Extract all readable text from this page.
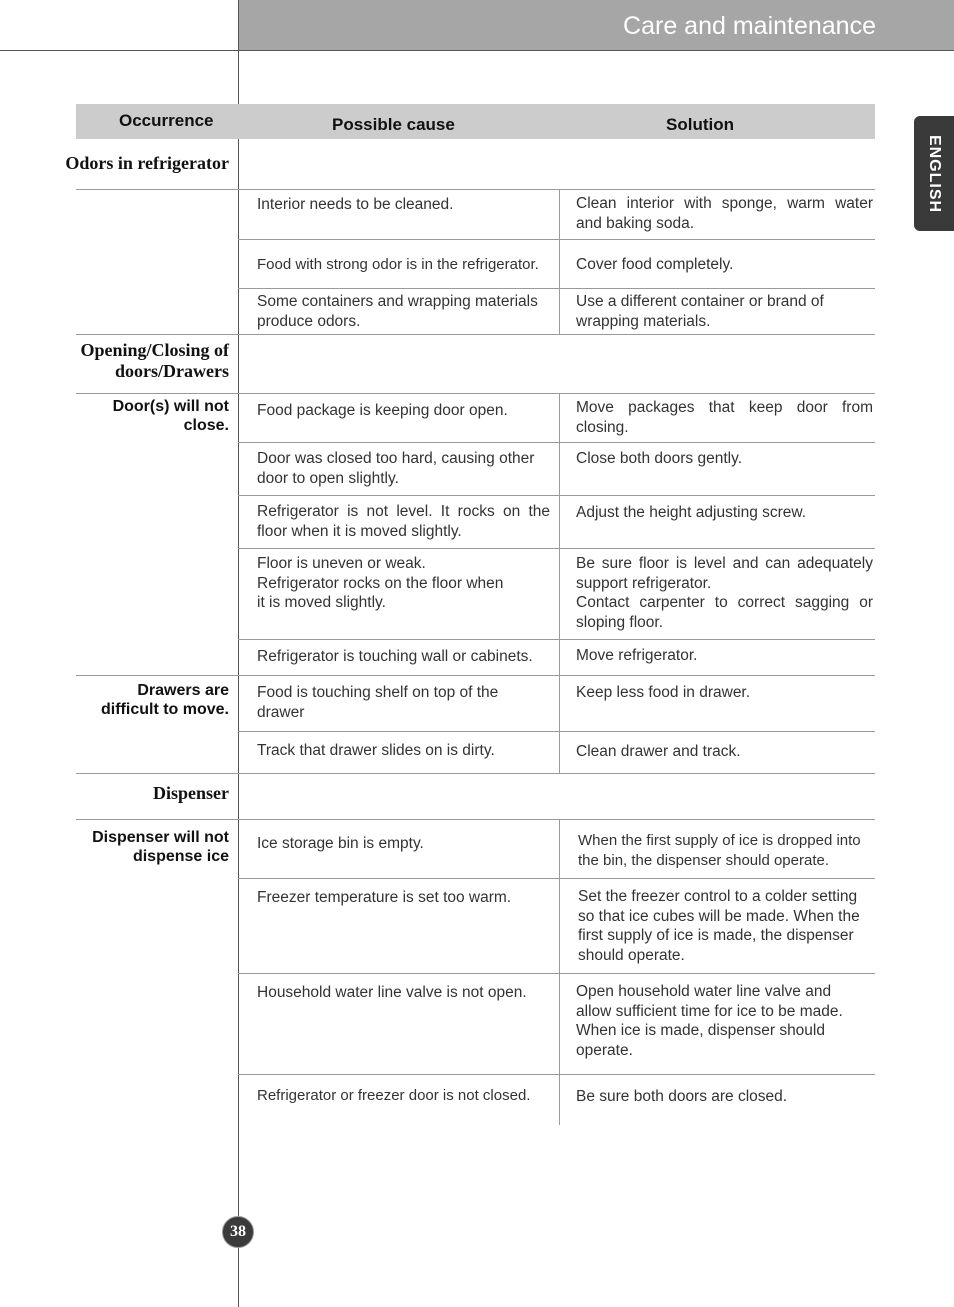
Care and maintenance
ENGLISH
Occurrence	Possible cause	Solution
Odors in refrigerator
Opening/Closing of doors/Drawers
Dispenser
Door(s) will not close.
Drawers are difficult to move.
Dispenser will not dispense ice
Interior needs to be cleaned.
Food with strong odor is in the refrigerator.
Some containers and wrapping materials produce odors.
Food package is keeping door open.
Door was closed too hard, causing other door to open slightly.
Refrigerator is not level. It rocks on the floor when it is moved slightly.
Floor is uneven or weak.
Refrigerator rocks on the floor when
it is moved slightly.
Refrigerator is touching wall or cabinets.
Food is touching shelf on top of the drawer
Track that drawer slides on is dirty.
Ice storage bin is empty.
Freezer temperature is set too warm.
Household water line valve is not open.
Refrigerator or freezer door is not closed.
Clean interior with sponge, warm water and baking soda.
Cover food completely.
Use a different container or brand of wrapping materials.
Move packages that keep door from closing.
Close both doors gently.
Adjust the height adjusting screw.
Be sure floor is level and can adequately support refrigerator.
Contact carpenter to correct sagging or sloping floor.
Move refrigerator.
Keep less food in drawer.
Clean drawer and track.
When the first supply of ice is dropped into the bin, the dispenser should operate.
Set the freezer control to a colder setting so that ice cubes will be made. When the first supply of ice is made, the dispenser should operate.
Open household water line valve and allow sufficient time for ice to be made. When ice is made, dispenser should operate.
Be sure both doors are closed.
38
